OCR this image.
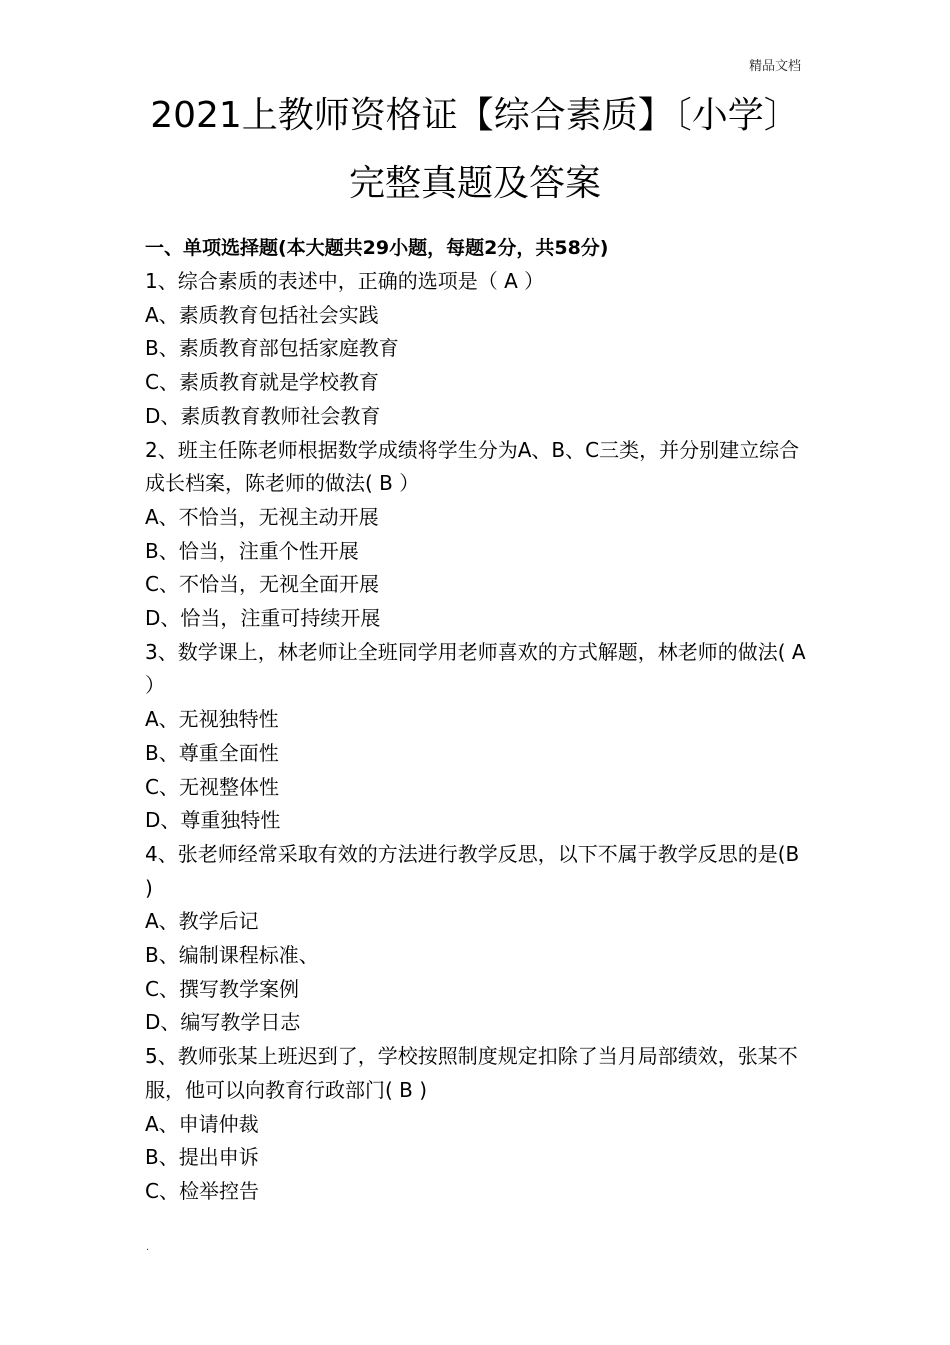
精品文档
2021上教师资格证【综合素质】〔小学〕
完整真题及答案
一、单项选择题(本大题共29小题，每题2分，共58分)
1、综合素质的表述中，正确的选项是（ A ）
A、素质教育包括社会实践
B、素质教育部包括家庭教育
C、素质教育就是学校教育
D、素质教育教师社会教育
2、班主任陈老师根据数学成绩将学生分为A、B、C三类，并分别建立综合成长档案，陈老师的做法( B ）
A、不恰当，无视主动开展
B、恰当，注重个性开展
C、不恰当，无视全面开展
D、恰当，注重可持续开展
3、数学课上，林老师让全班同学用老师喜欢的方式解题，林老师的做法( A ）
A、无视独特性
B、尊重全面性
C、无视整体性
D、尊重独特性
4、张老师经常采取有效的方法进行教学反思，以下不属于教学反思的是(B )
A、教学后记
B、编制课程标准、
C、撰写教学案例
D、编写教学日志
5、教师张某上班迟到了，学校按照制度规定扣除了当月局部绩效，张某不服，他可以向教育行政部门( B )
A、申请仲裁
B、提出申诉
C、检举控告
.
